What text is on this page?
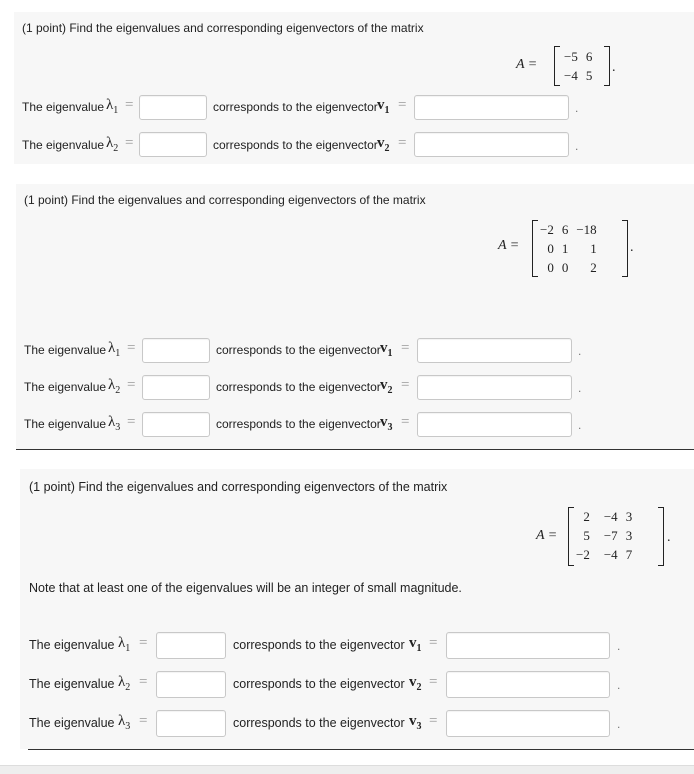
(1 point) Find the eigenvalues and corresponding eigenvectors of the matrix
A =
−5	6
−4	5
.
The eigenvalue $\lambda_1$ =	corresponds to the eigenvector $v_1$ =	.
The eigenvalue $\lambda_2$ =	corresponds to the eigenvector $v_2$ =	.
(1 point) Find the eigenvalues and corresponding eigenvectors of the matrix
A =
−2	6	−18
0	1	1
0	0	2
.
The eigenvalue $\lambda_1$ =	corresponds to the eigenvector $v_1$ =	.
The eigenvalue $\lambda_2$ =	corresponds to the eigenvector $v_2$ =	.
The eigenvalue $\lambda_3$ =	corresponds to the eigenvector $v_3$ =	.
(1 point) Find the eigenvalues and corresponding eigenvectors of the matrix
A =
2	−4	3
5	−7	3
−2	−4	7
.
Note that at least one of the eigenvalues will be an integer of small magnitude.
The eigenvalue $\lambda_1$ =	corresponds to the eigenvector $v_1$ =	.
The eigenvalue $\lambda_2$ =	corresponds to the eigenvector $v_2$ =	.
The eigenvalue $\lambda_3$ =	corresponds to the eigenvector $v_3$ =	.
